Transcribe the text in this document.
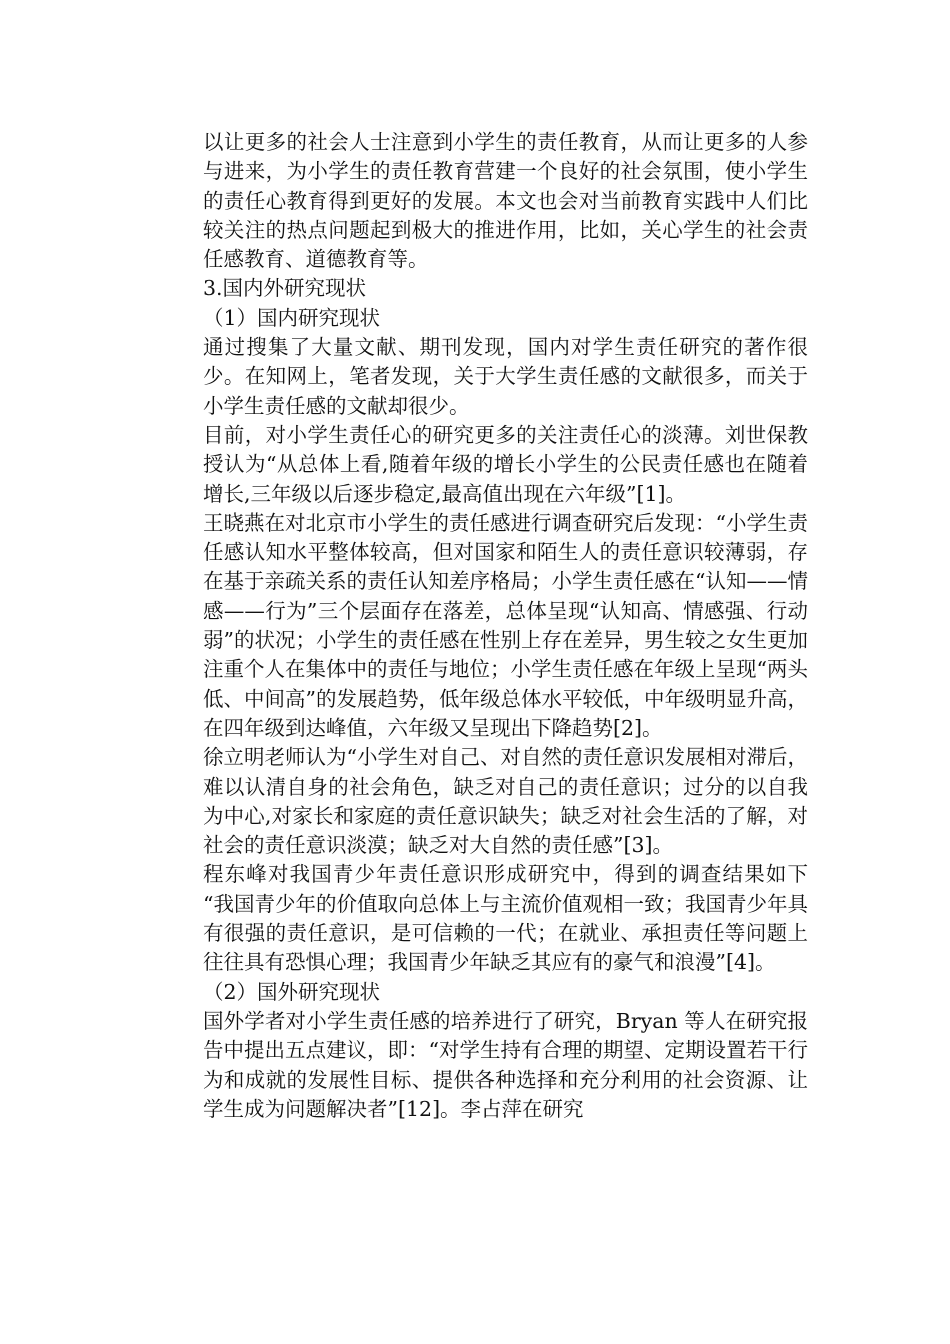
以让更多的社会人士注意到小学生的责任教育，从而让更多的人参与进来，为小学生的责任教育营建一个良好的社会氛围，使小学生的责任心教育得到更好的发展。本文也会对当前教育实践中人们比较关注的热点问题起到极大的推进作用，比如，关心学生的社会责任感教育、道德教育等。

3.国内外研究现状

（1）国内研究现状

通过搜集了大量文献、期刊发现，国内对学生责任研究的著作很少。在知网上，笔者发现，关于大学生责任感的文献很多，而关于小学生责任感的文献却很少。

目前，对小学生责任心的研究更多的关注责任心的淡薄。刘世保教授认为“从总体上看,随着年级的增长小学生的公民责任感也在随着增长,三年级以后逐步稳定,最高值出现在六年级”[1]。

王晓燕在对北京市小学生的责任感进行调查研究后发现：“小学生责任感认知水平整体较高，但对国家和陌生人的责任意识较薄弱，存在基于亲疏关系的责任认知差序格局；小学生责任感在“认知——情感——行为”三个层面存在落差，总体呈现“认知高、情感强、行动弱”的状况；小学生的责任感在性别上存在差异，男生较之女生更加注重个人在集体中的责任与地位；小学生责任感在年级上呈现“两头低、中间高”的发展趋势，低年级总体水平较低，中年级明显升高，在四年级到达峰值，六年级又呈现出下降趋势[2]。

徐立明老师认为“小学生对自己、对自然的责任意识发展相对滞后，难以认清自身的社会角色，缺乏对自己的责任意识；过分的以自我为中心,对家长和家庭的责任意识缺失；缺乏对社会生活的了解，对社会的责任意识淡漠；缺乏对大自然的责任感”[3]。

程东峰对我国青少年责任意识形成研究中，得到的调查结果如下 “我国青少年的价值取向总体上与主流价值观相一致；我国青少年具有很强的责任意识，是可信赖的一代；在就业、承担责任等问题上往往具有恐惧心理；我国青少年缺乏其应有的豪气和浪漫”[4]。

（2）国外研究现状

国外学者对小学生责任感的培养进行了研究，Bryan 等人在研究报告中提出五点建议，即：“对学生持有合理的期望、定期设置若干行为和成就的发展性目标、提供各种选择和充分利用的社会资源、让学生成为问题解决者”[12]。李占萍在研究
